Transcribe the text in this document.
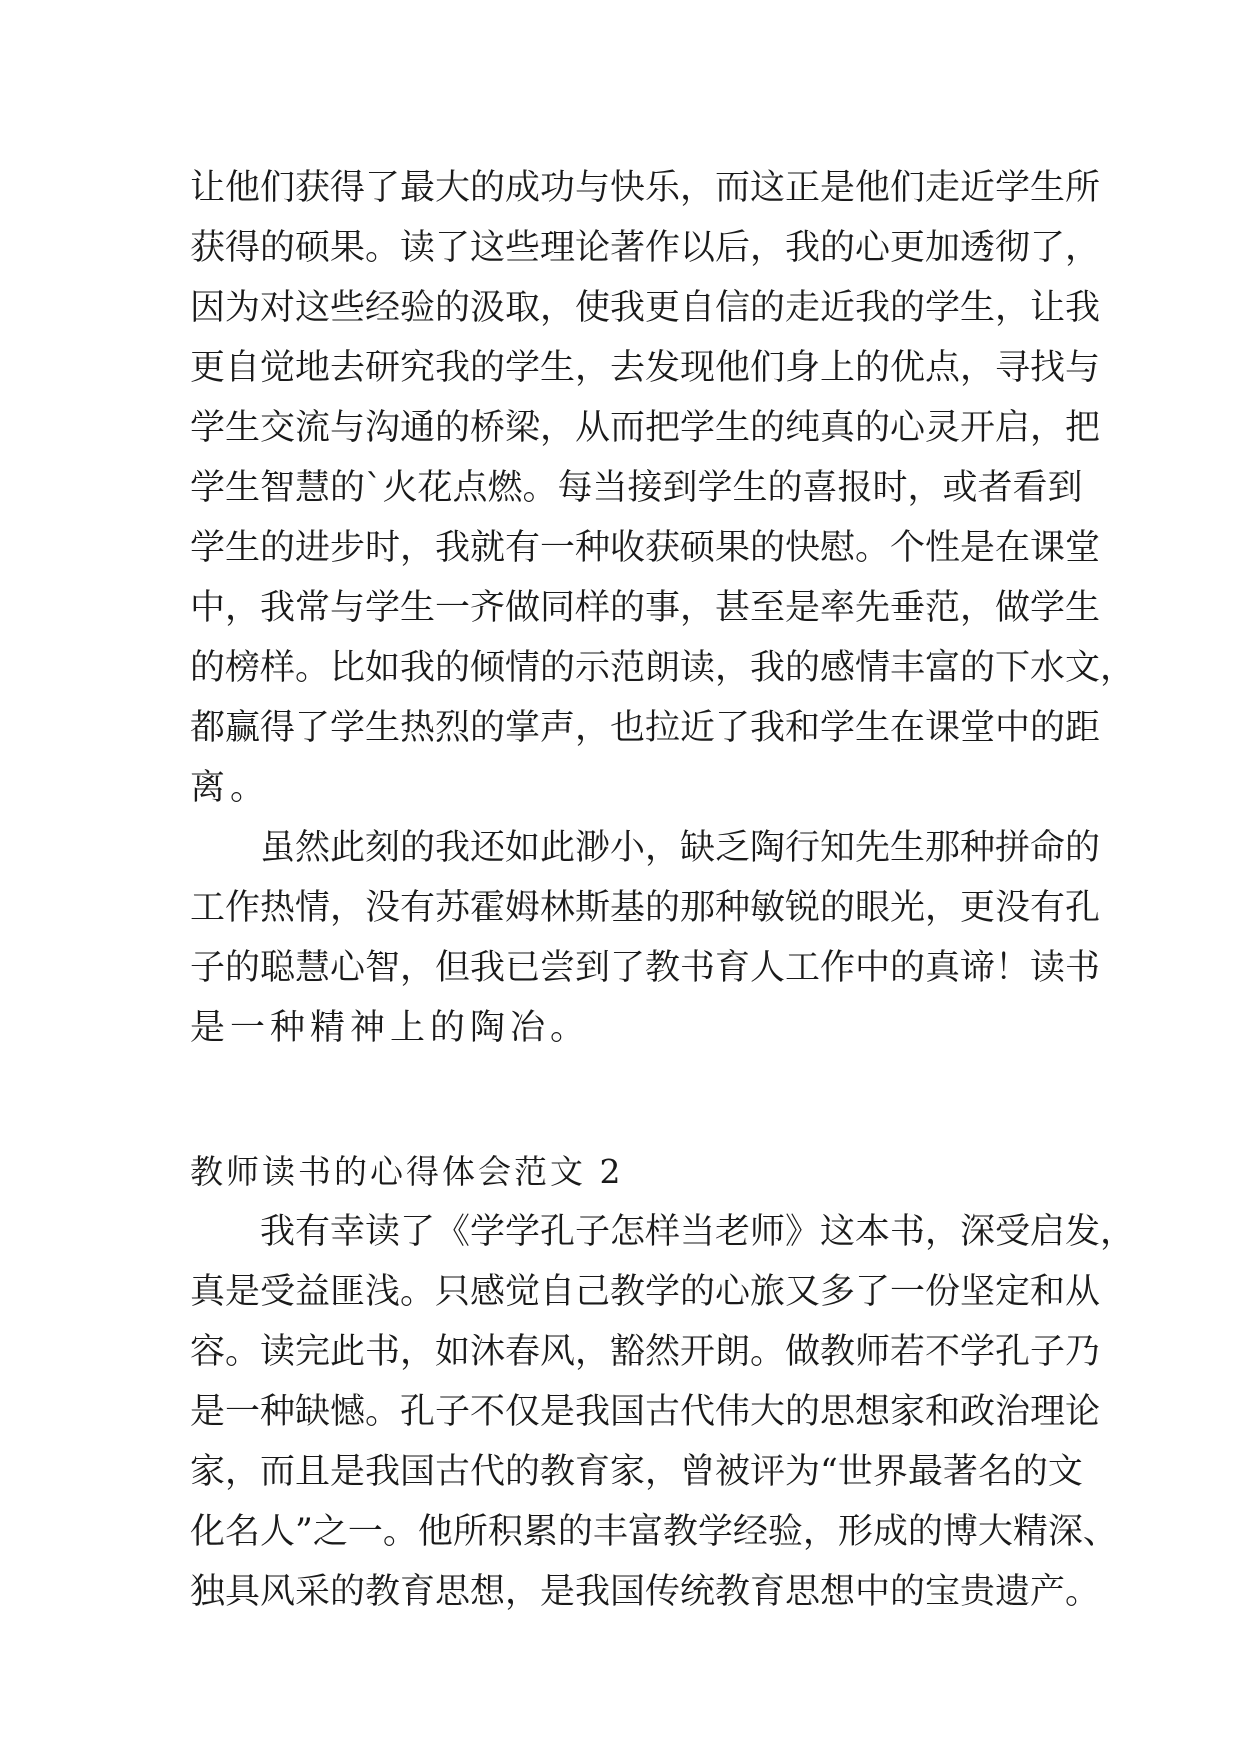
让他们获得了最大的成功与快乐，而这正是他们走近学生所
获得的硕果。读了这些理论著作以后，我的心更加透彻了，
因为对这些经验的汲取，使我更自信的走近我的学生，让我
更自觉地去研究我的学生，去发现他们身上的优点，寻找与
学生交流与沟通的桥梁，从而把学生的纯真的心灵开启，把
学生智慧的`火花点燃。每当接到学生的喜报时，或者看到
学生的进步时，我就有一种收获硕果的快慰。个性是在课堂
中，我常与学生一齐做同样的事，甚至是率先垂范，做学生
的榜样。比如我的倾情的示范朗读，我的感情丰富的下水文，
都赢得了学生热烈的掌声，也拉近了我和学生在课堂中的距
离。
虽然此刻的我还如此渺小，缺乏陶行知先生那种拼命的
工作热情，没有苏霍姆林斯基的那种敏锐的眼光，更没有孔
子的聪慧心智，但我已尝到了教书育人工作中的真谛！读书
是一种精神上的陶冶。
教师读书的心得体会范文 2
我有幸读了《学学孔子怎样当老师》这本书，深受启发，
真是受益匪浅。只感觉自己教学的心旅又多了一份坚定和从
容。读完此书，如沐春风，豁然开朗。做教师若不学孔子乃
是一种缺憾。孔子不仅是我国古代伟大的思想家和政治理论
家，而且是我国古代的教育家，曾被评为“世界最著名的文
化名人”之一。他所积累的丰富教学经验，形成的博大精深、
独具风采的教育思想，是我国传统教育思想中的宝贵遗产。
